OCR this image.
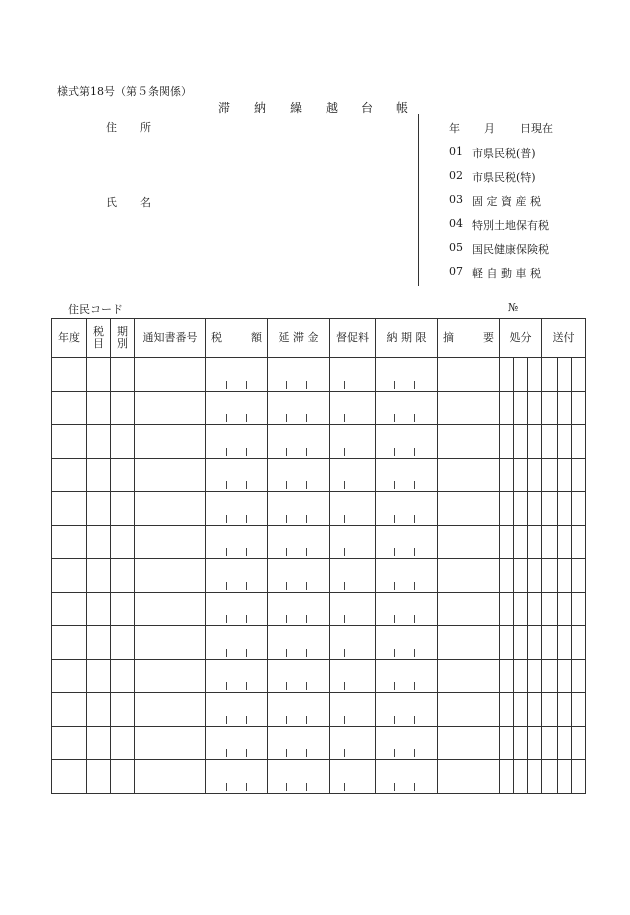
様式第18号（第５条関係）
滞 納 繰 越 台 帳
住 所
氏 名
年 月 日現在
01 市県民税(普)
02 市県民税(特)
03 固 定 資 産 税
04 特別土地保有税
05 国民健康保険税
07 軽 自 動 車 税
住民コード	№
年度	税目	期別	通知書番号	税 額	延 滞 金	督促料	納 期 限	摘 要	処分			送付		
